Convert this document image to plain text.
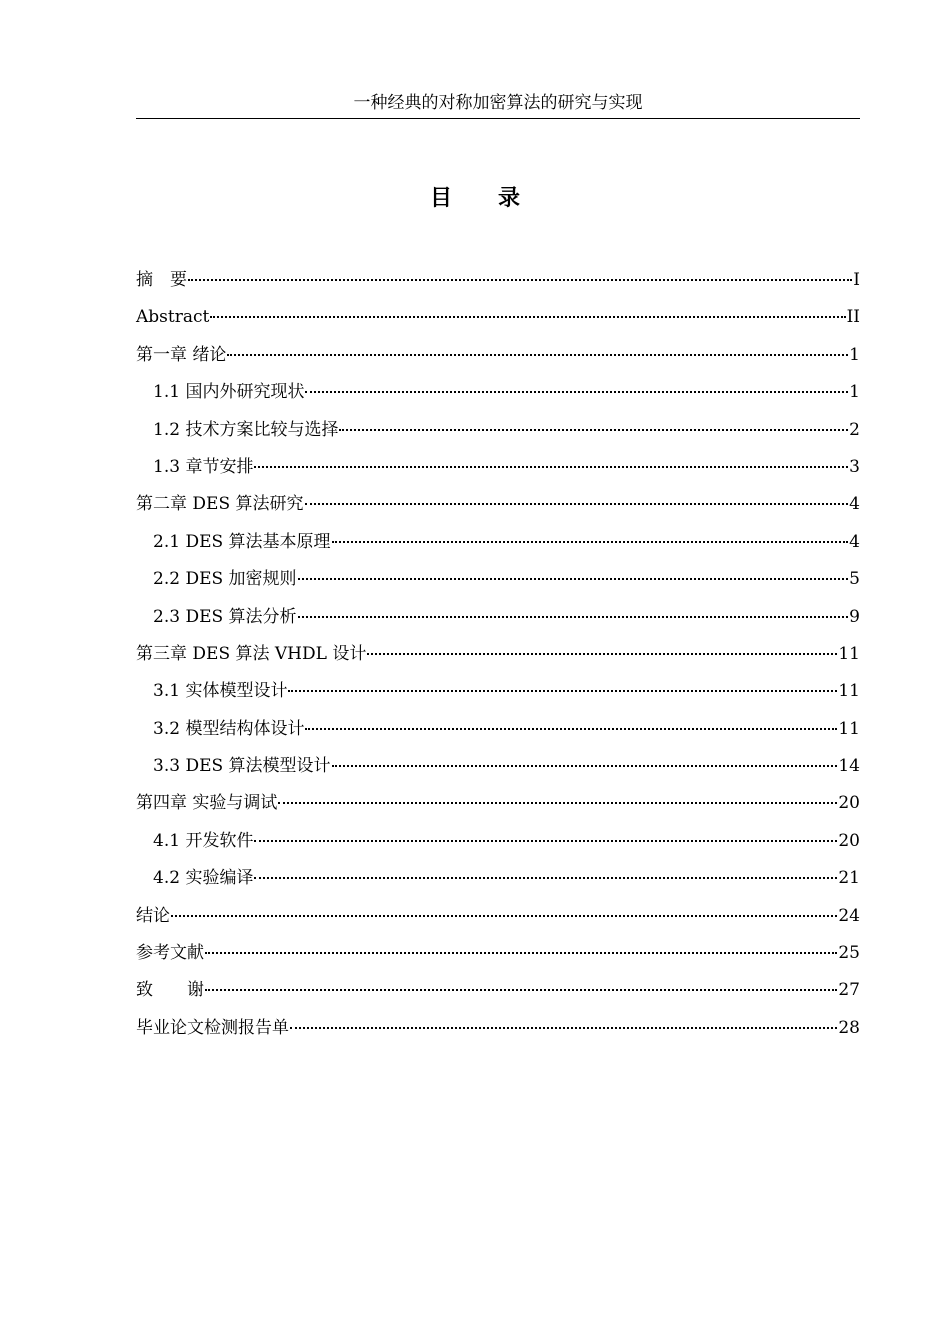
一种经典的对称加密算法的研究与实现
目 录
摘　要	I
Abstract	II
第一章 绪论	1
1.1 国内外研究现状	1
1.2 技术方案比较与选择	2
1.3 章节安排	3
第二章 DES 算法研究	4
2.1 DES 算法基本原理	4
2.2 DES 加密规则	5
2.3 DES 算法分析	9
第三章 DES 算法 VHDL 设计	11
3.1 实体模型设计	11
3.2 模型结构体设计	11
3.3 DES 算法模型设计	14
第四章 实验与调试	20
4.1 开发软件	20
4.2 实验编译	21
结论	24
参考文献	25
致　　谢	27
毕业论文检测报告单	28
